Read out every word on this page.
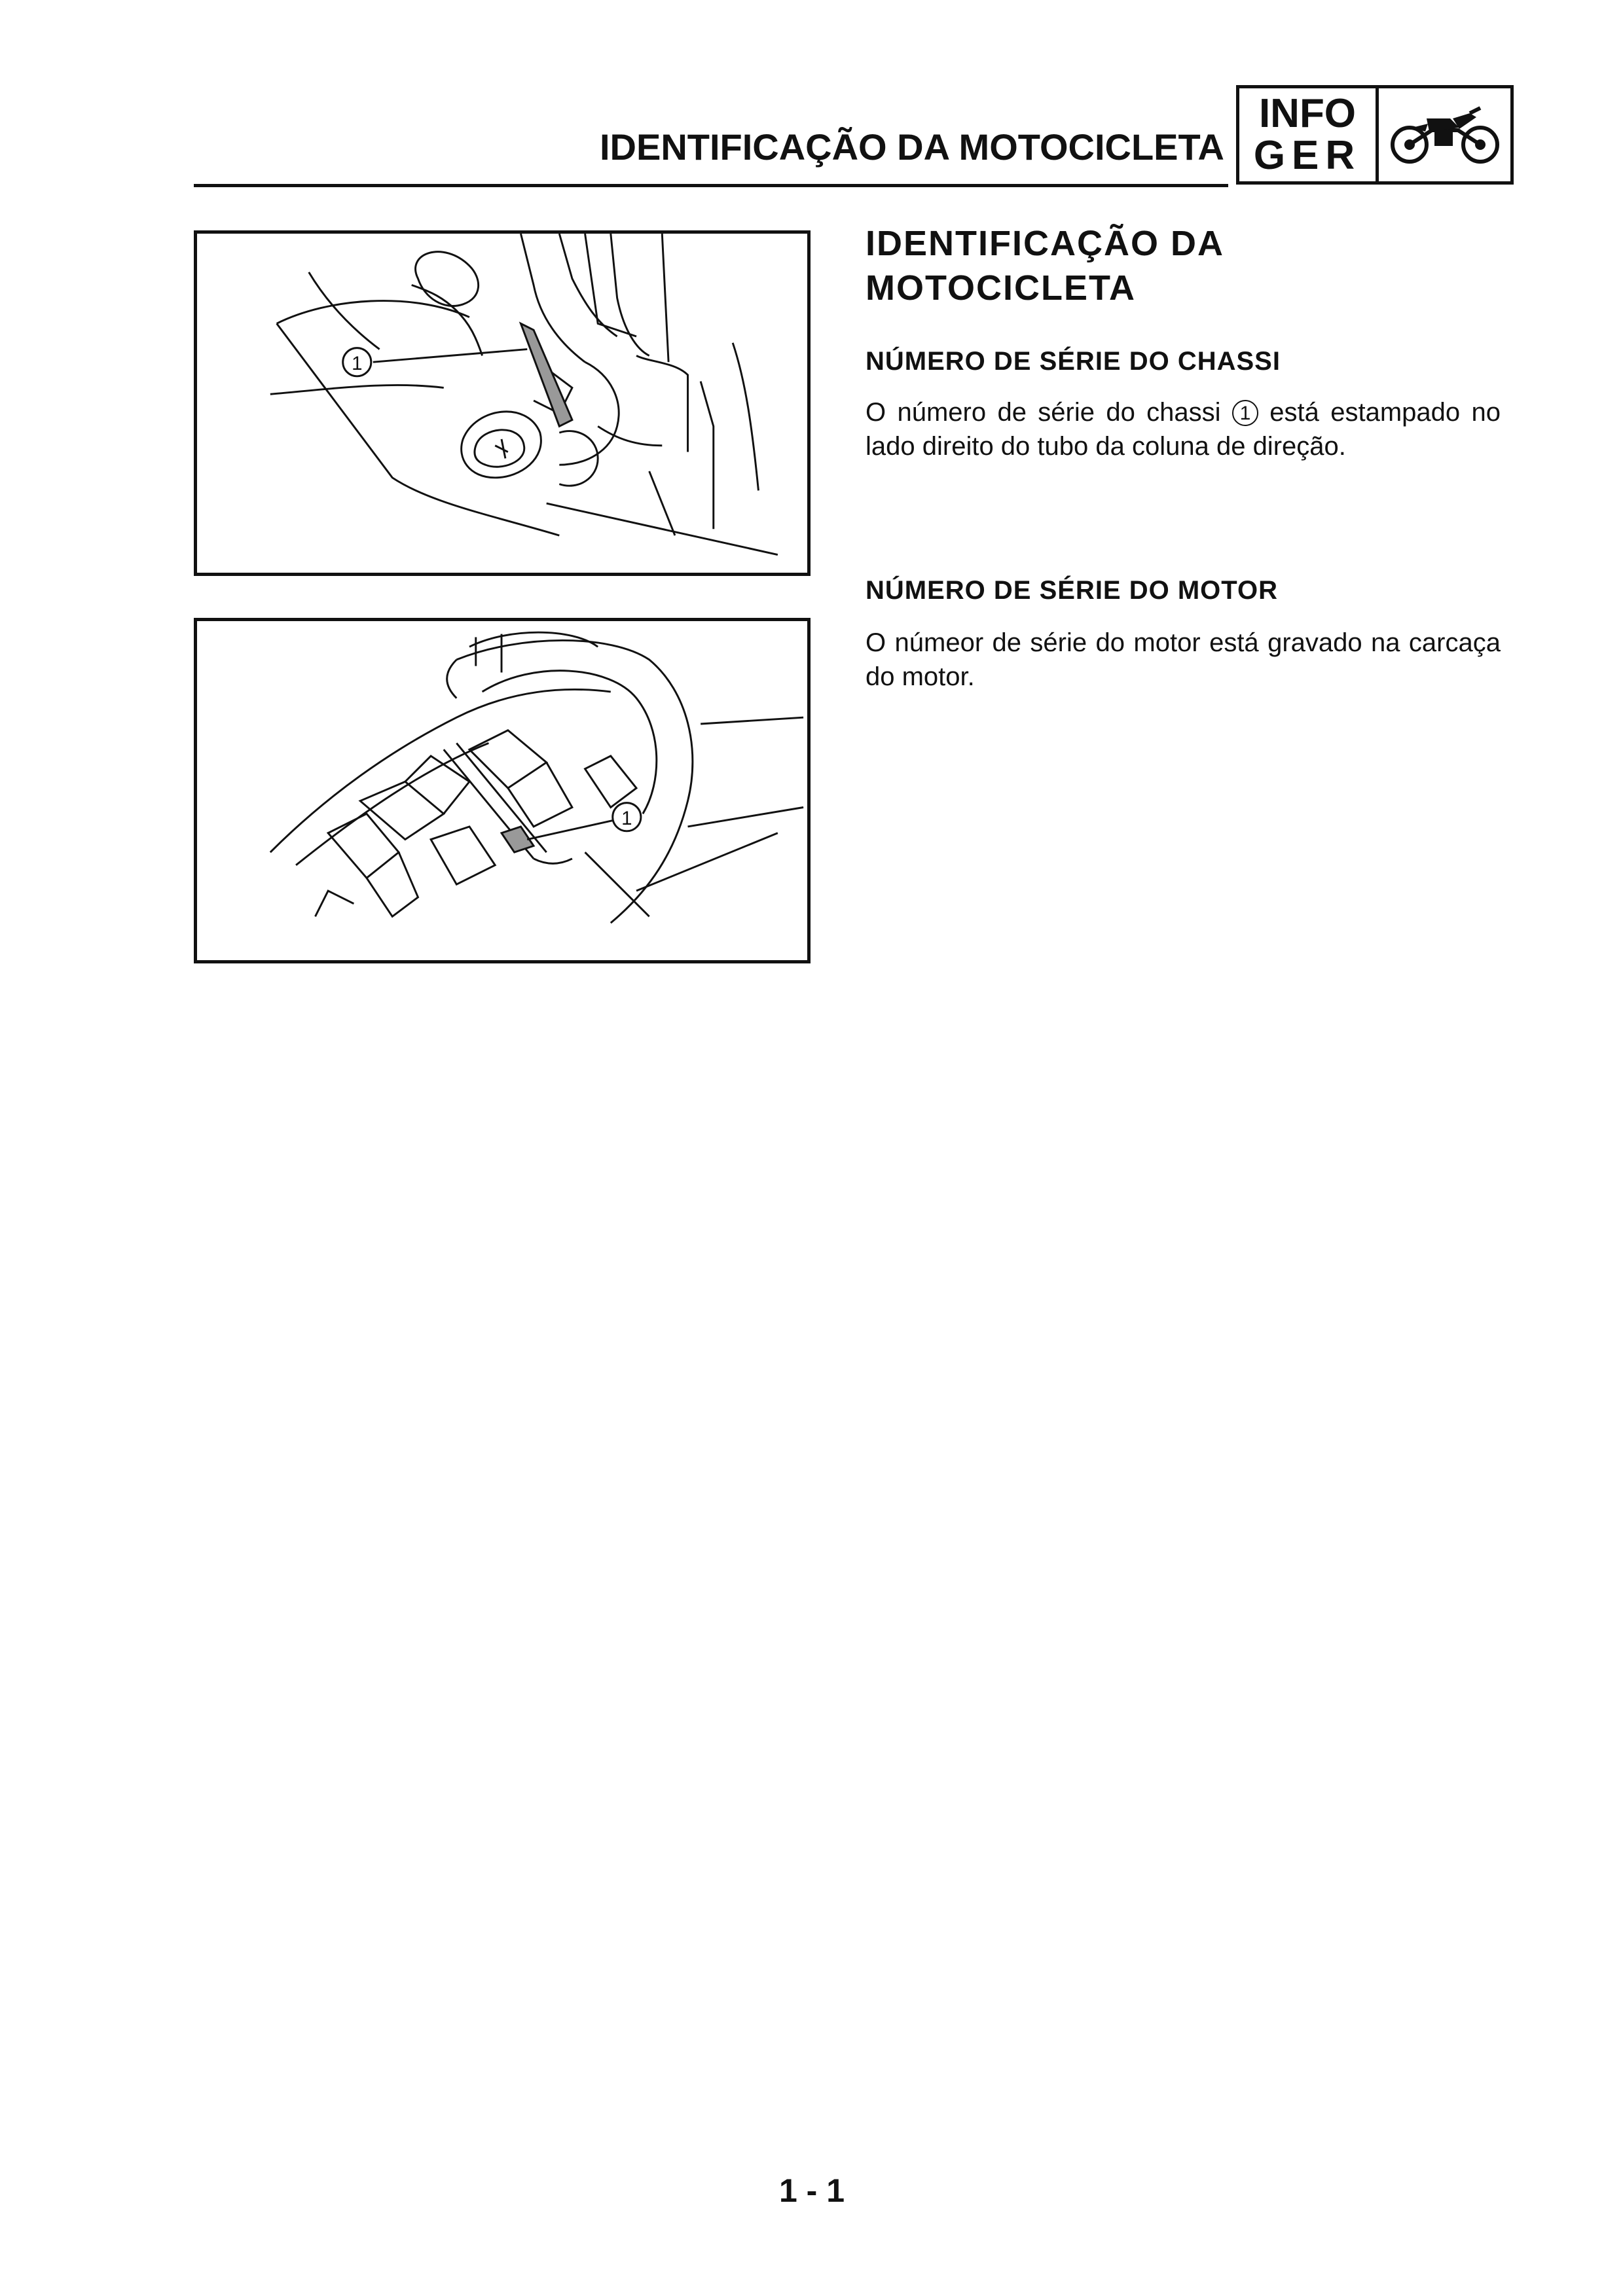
IDENTIFICAÇÃO DA MOTOCICLETA
INFO
GER
1
1
IDENTIFICAÇÃO DA MOTOCICLETA
NÚMERO DE SÉRIE DO CHASSI
O número de série do chassi 1 está estampado no lado direito do tubo da coluna de direção.
NÚMERO DE SÉRIE DO MOTOR
O númeor de série do motor está gravado na carcaça do motor.
1 - 1
